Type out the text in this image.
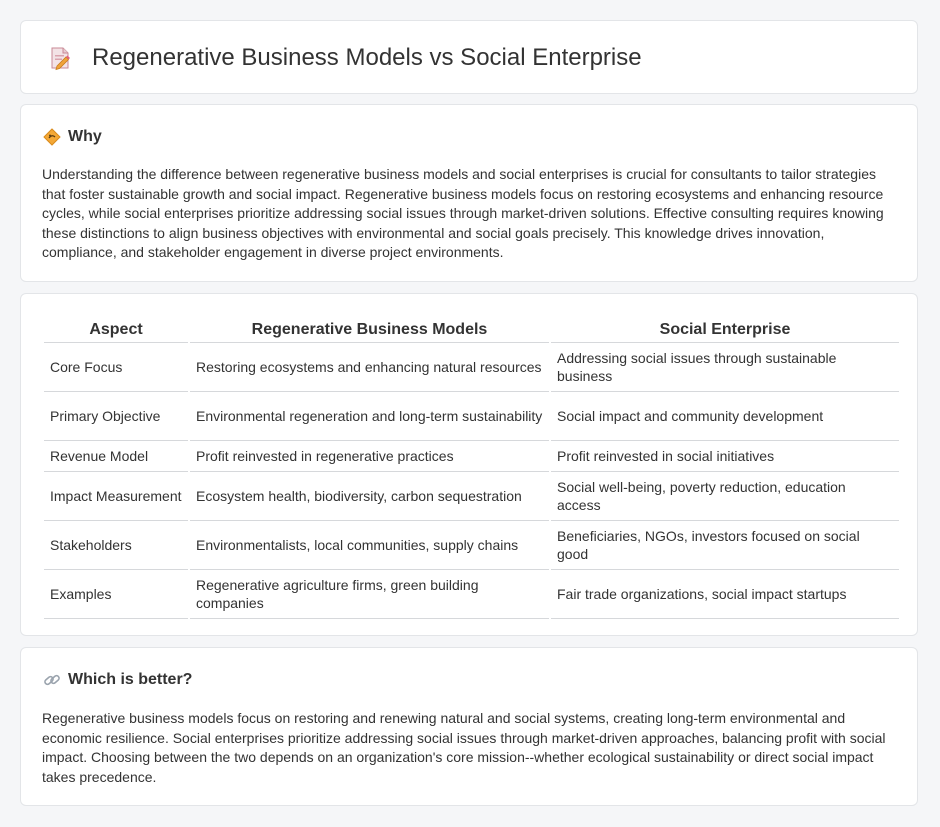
Regenerative Business Models vs Social Enterprise
Why

Understanding the difference between regenerative business models and social enterprises is crucial for consultants to tailor strategies that foster sustainable growth and social impact. Regenerative business models focus on restoring ecosystems and enhancing resource cycles, while social enterprises prioritize addressing social issues through market-driven solutions. Effective consulting requires knowing these distinctions to align business objectives with environmental and social goals precisely. This knowledge drives innovation, compliance, and stakeholder engagement in diverse project environments.

Aspect	Regenerative Business Models	Social Enterprise
Core Focus	Restoring ecosystems and enhancing natural resources	Addressing social issues through sustainable business
Primary Objective	Environmental regeneration and long-term sustainability	Social impact and community development
Revenue Model	Profit reinvested in regenerative practices	Profit reinvested in social initiatives
Impact Measurement	Ecosystem health, biodiversity, carbon sequestration	Social well-being, poverty reduction, education access
Stakeholders	Environmentalists, local communities, supply chains	Beneficiaries, NGOs, investors focused on social good
Examples	Regenerative agriculture firms, green building companies	Fair trade organizations, social impact startups
Which is better?

Regenerative business models focus on restoring and renewing natural and social systems, creating long-term environmental and economic resilience. Social enterprises prioritize addressing social issues through market-driven approaches, balancing profit with social impact. Choosing between the two depends on an organization's core mission--whether ecological sustainability or direct social impact takes precedence.
